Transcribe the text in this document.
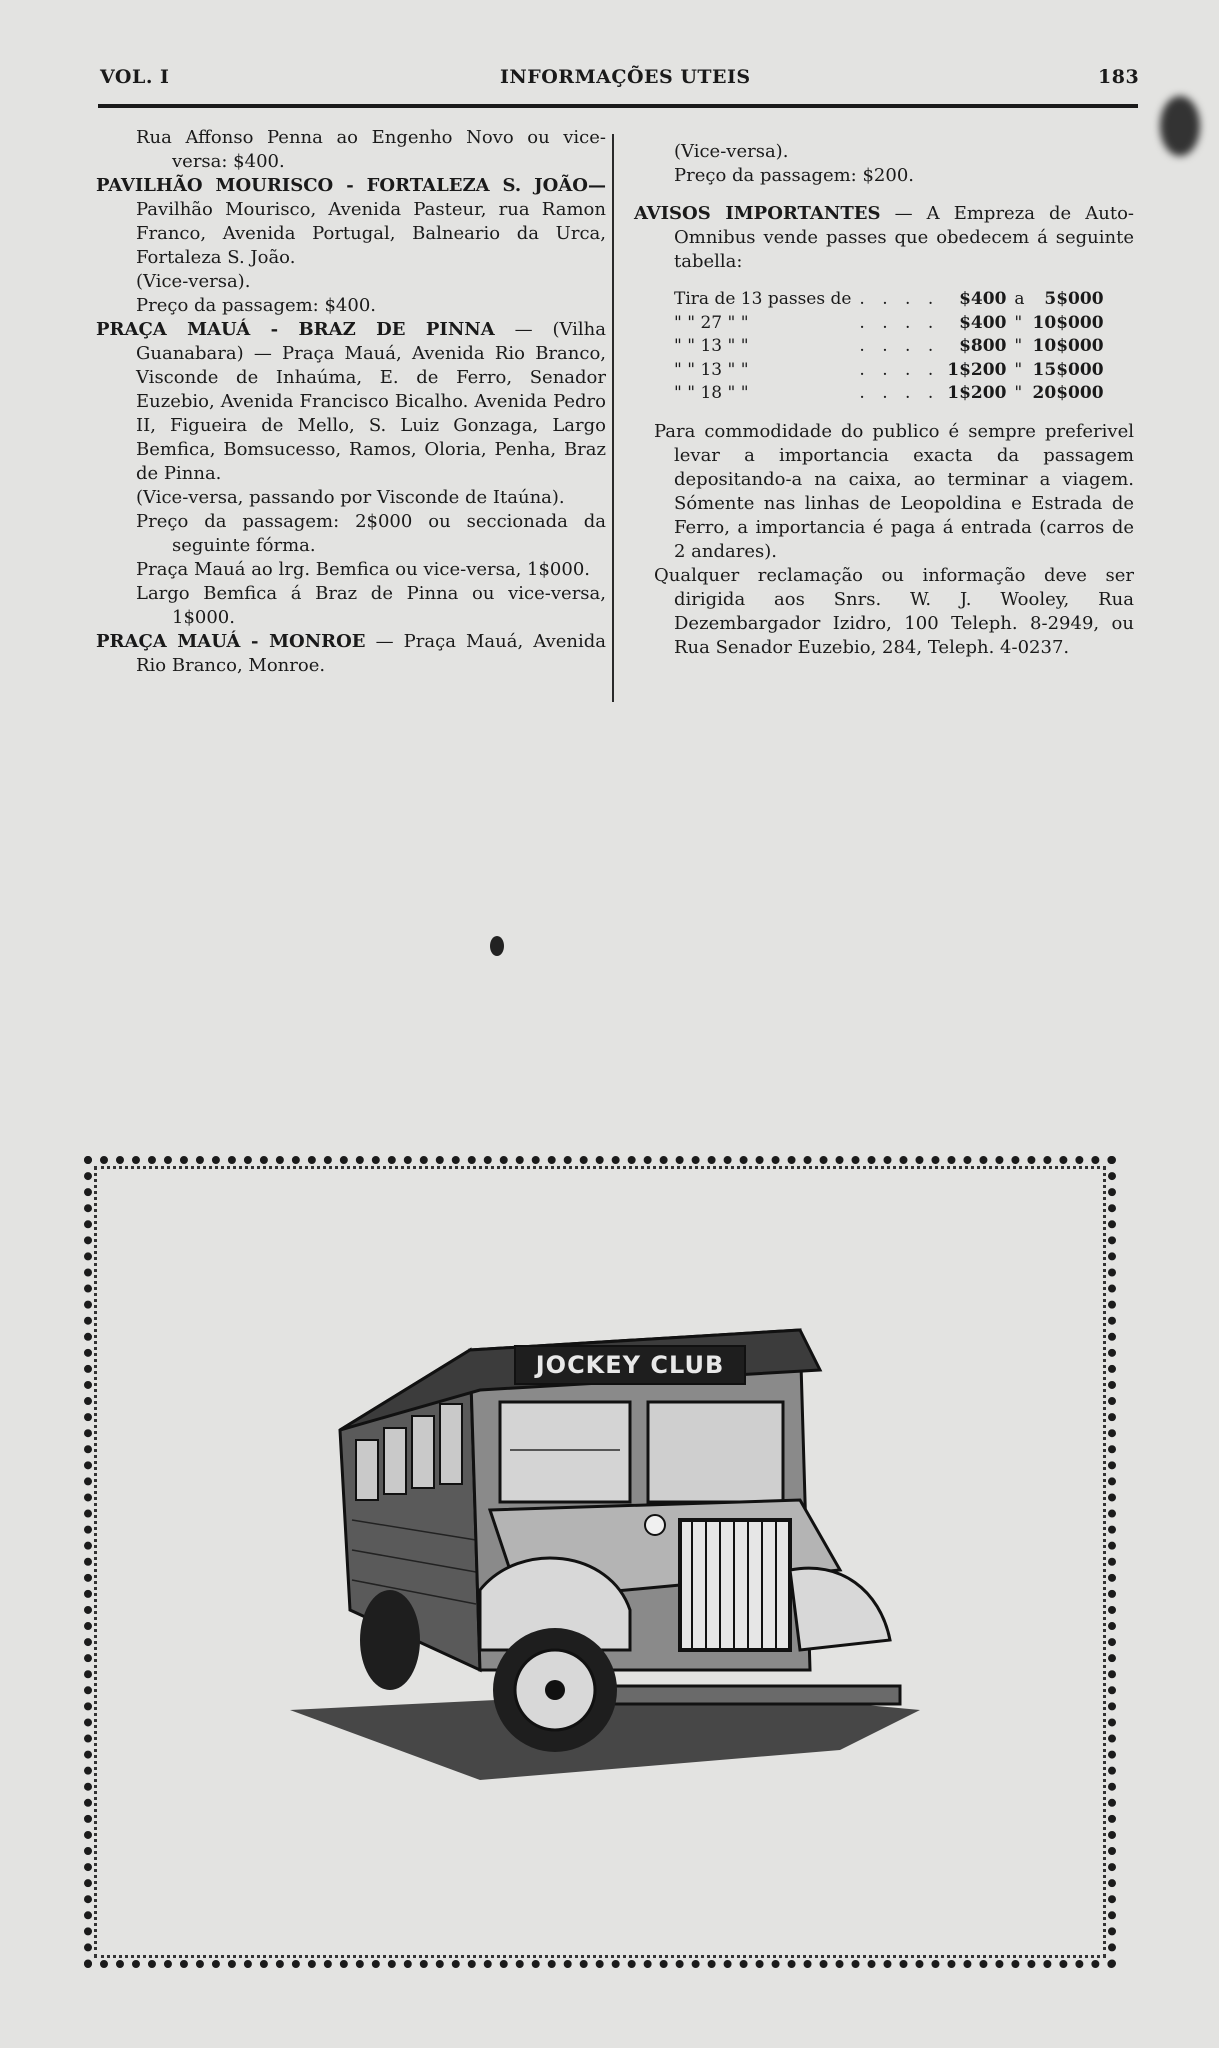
VOL. I	INFORMAÇÕES UTEIS	183

Rua Affonso Penna ao Engenho Novo ou vice-versa: $400.

PAVILHÃO MOURISCO - FORTALEZA S. JOÃO— Pavilhão Mourisco, Avenida Pasteur, rua Ramon Franco, Avenida Portugal, Balneario da Urca, Fortaleza S. João.

(Vice-versa).

Preço da passagem: $400.

PRAÇA MAUÁ - BRAZ DE PINNA — (Vilha Guanabara) — Praça Mauá, Avenida Rio Branco, Visconde de Inhaúma, E. de Ferro, Senador Euzebio, Avenida Francisco Bicalho. Avenida Pedro II, Figueira de Mello, S. Luiz Gonzaga, Largo Bemfica, Bomsucesso, Ramos, Oloria, Penha, Braz de Pinna.

(Vice-versa, passando por Visconde de Itaúna).

Preço da passagem: 2$000 ou seccionada da seguinte fórma.

Praça Mauá ao lrg. Bemfica ou vice-versa, 1$000.

Largo Bemfica á Braz de Pinna ou vice-versa, 1$000.

PRAÇA MAUÁ - MONROE — Praça Mauá, Avenida Rio Branco, Monroe.

(Vice-versa).

Preço da passagem: $200.

AVISOS IMPORTANTES — A Empreza de Auto-Omnibus vende passes que obedecem á seguinte tabella:

Tira de 13 passes de	. . . .	$400	a	5$000
" " 27 " "	. . . .	$400	"	10$000
" " 13 " "	. . . .	$800	"	10$000
" " 13 " "	. . . .	1$200	"	15$000
" " 18 " "	. . . .	1$200	"	20$000

Para commodidade do publico é sempre preferivel levar a importancia exacta da passagem depositando-a na caixa, ao terminar a viagem. Sómente nas linhas de Leopoldina e Estrada de Ferro, a importancia é paga á entrada (carros de 2 andares).

Qualquer reclamação ou informação deve ser dirigida aos Snrs. W. J. Wooley, Rua Dezembargador Izidro, 100 Teleph. 8-2949, ou Rua Senador Euzebio, 284, Teleph. 4-0237.

JOCKEY CLUB
